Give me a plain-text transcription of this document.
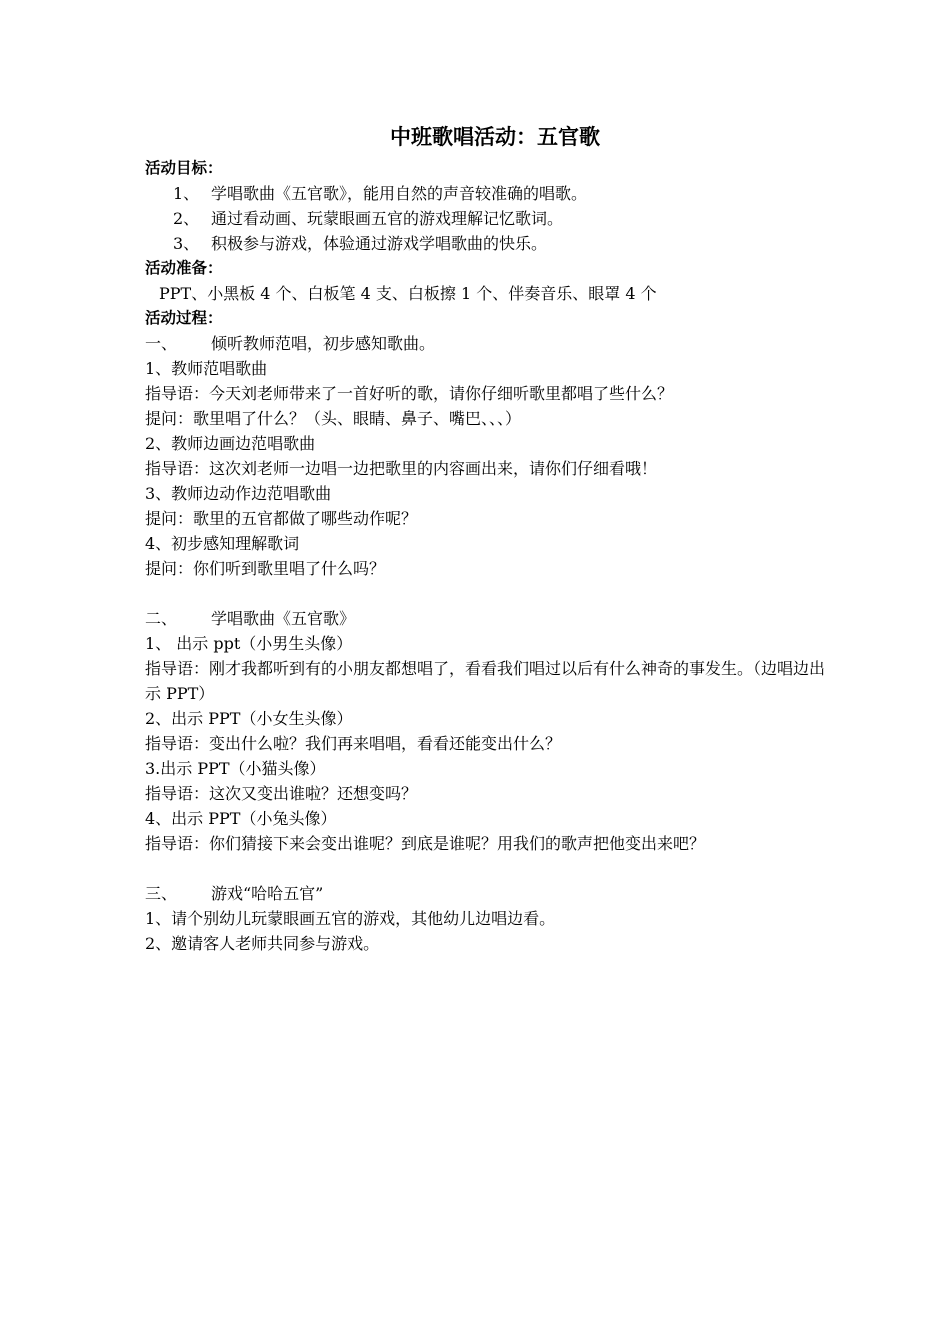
中班歌唱活动：五官歌
活动目标：
1、 学唱歌曲《五官歌》，能用自然的声音较准确的唱歌。
2、 通过看动画、玩蒙眼画五官的游戏理解记忆歌词。
3、 积极参与游戏，体验通过游戏学唱歌曲的快乐。
活动准备：
PPT、小黑板 4 个、白板笔 4 支、白板擦 1 个、伴奏音乐、眼罩 4 个
活动过程：
一、 倾听教师范唱，初步感知歌曲。
1、教师范唱歌曲
指导语：今天刘老师带来了一首好听的歌，请你仔细听歌里都唱了些什么？
提问：歌里唱了什么？（头、眼睛、鼻子、嘴巴、、、）
2、教师边画边范唱歌曲
指导语：这次刘老师一边唱一边把歌里的内容画出来，请你们仔细看哦！
3、教师边动作边范唱歌曲
提问：歌里的五官都做了哪些动作呢？
4、初步感知理解歌词
提问：你们听到歌里唱了什么吗？
二、 学唱歌曲《五官歌》
1、 出示 ppt（小男生头像）
指导语：刚才我都听到有的小朋友都想唱了，看看我们唱过以后有什么神奇的事发生。（边唱边出示 PPT）
2、出示 PPT（小女生头像）
指导语：变出什么啦？我们再来唱唱，看看还能变出什么？
3.出示 PPT（小猫头像）
指导语：这次又变出谁啦？还想变吗？
4、出示 PPT（小兔头像）
指导语：你们猜接下来会变出谁呢？到底是谁呢？用我们的歌声把他变出来吧？
三、 游戏“哈哈五官”
1、请个别幼儿玩蒙眼画五官的游戏，其他幼儿边唱边看。
2、邀请客人老师共同参与游戏。
